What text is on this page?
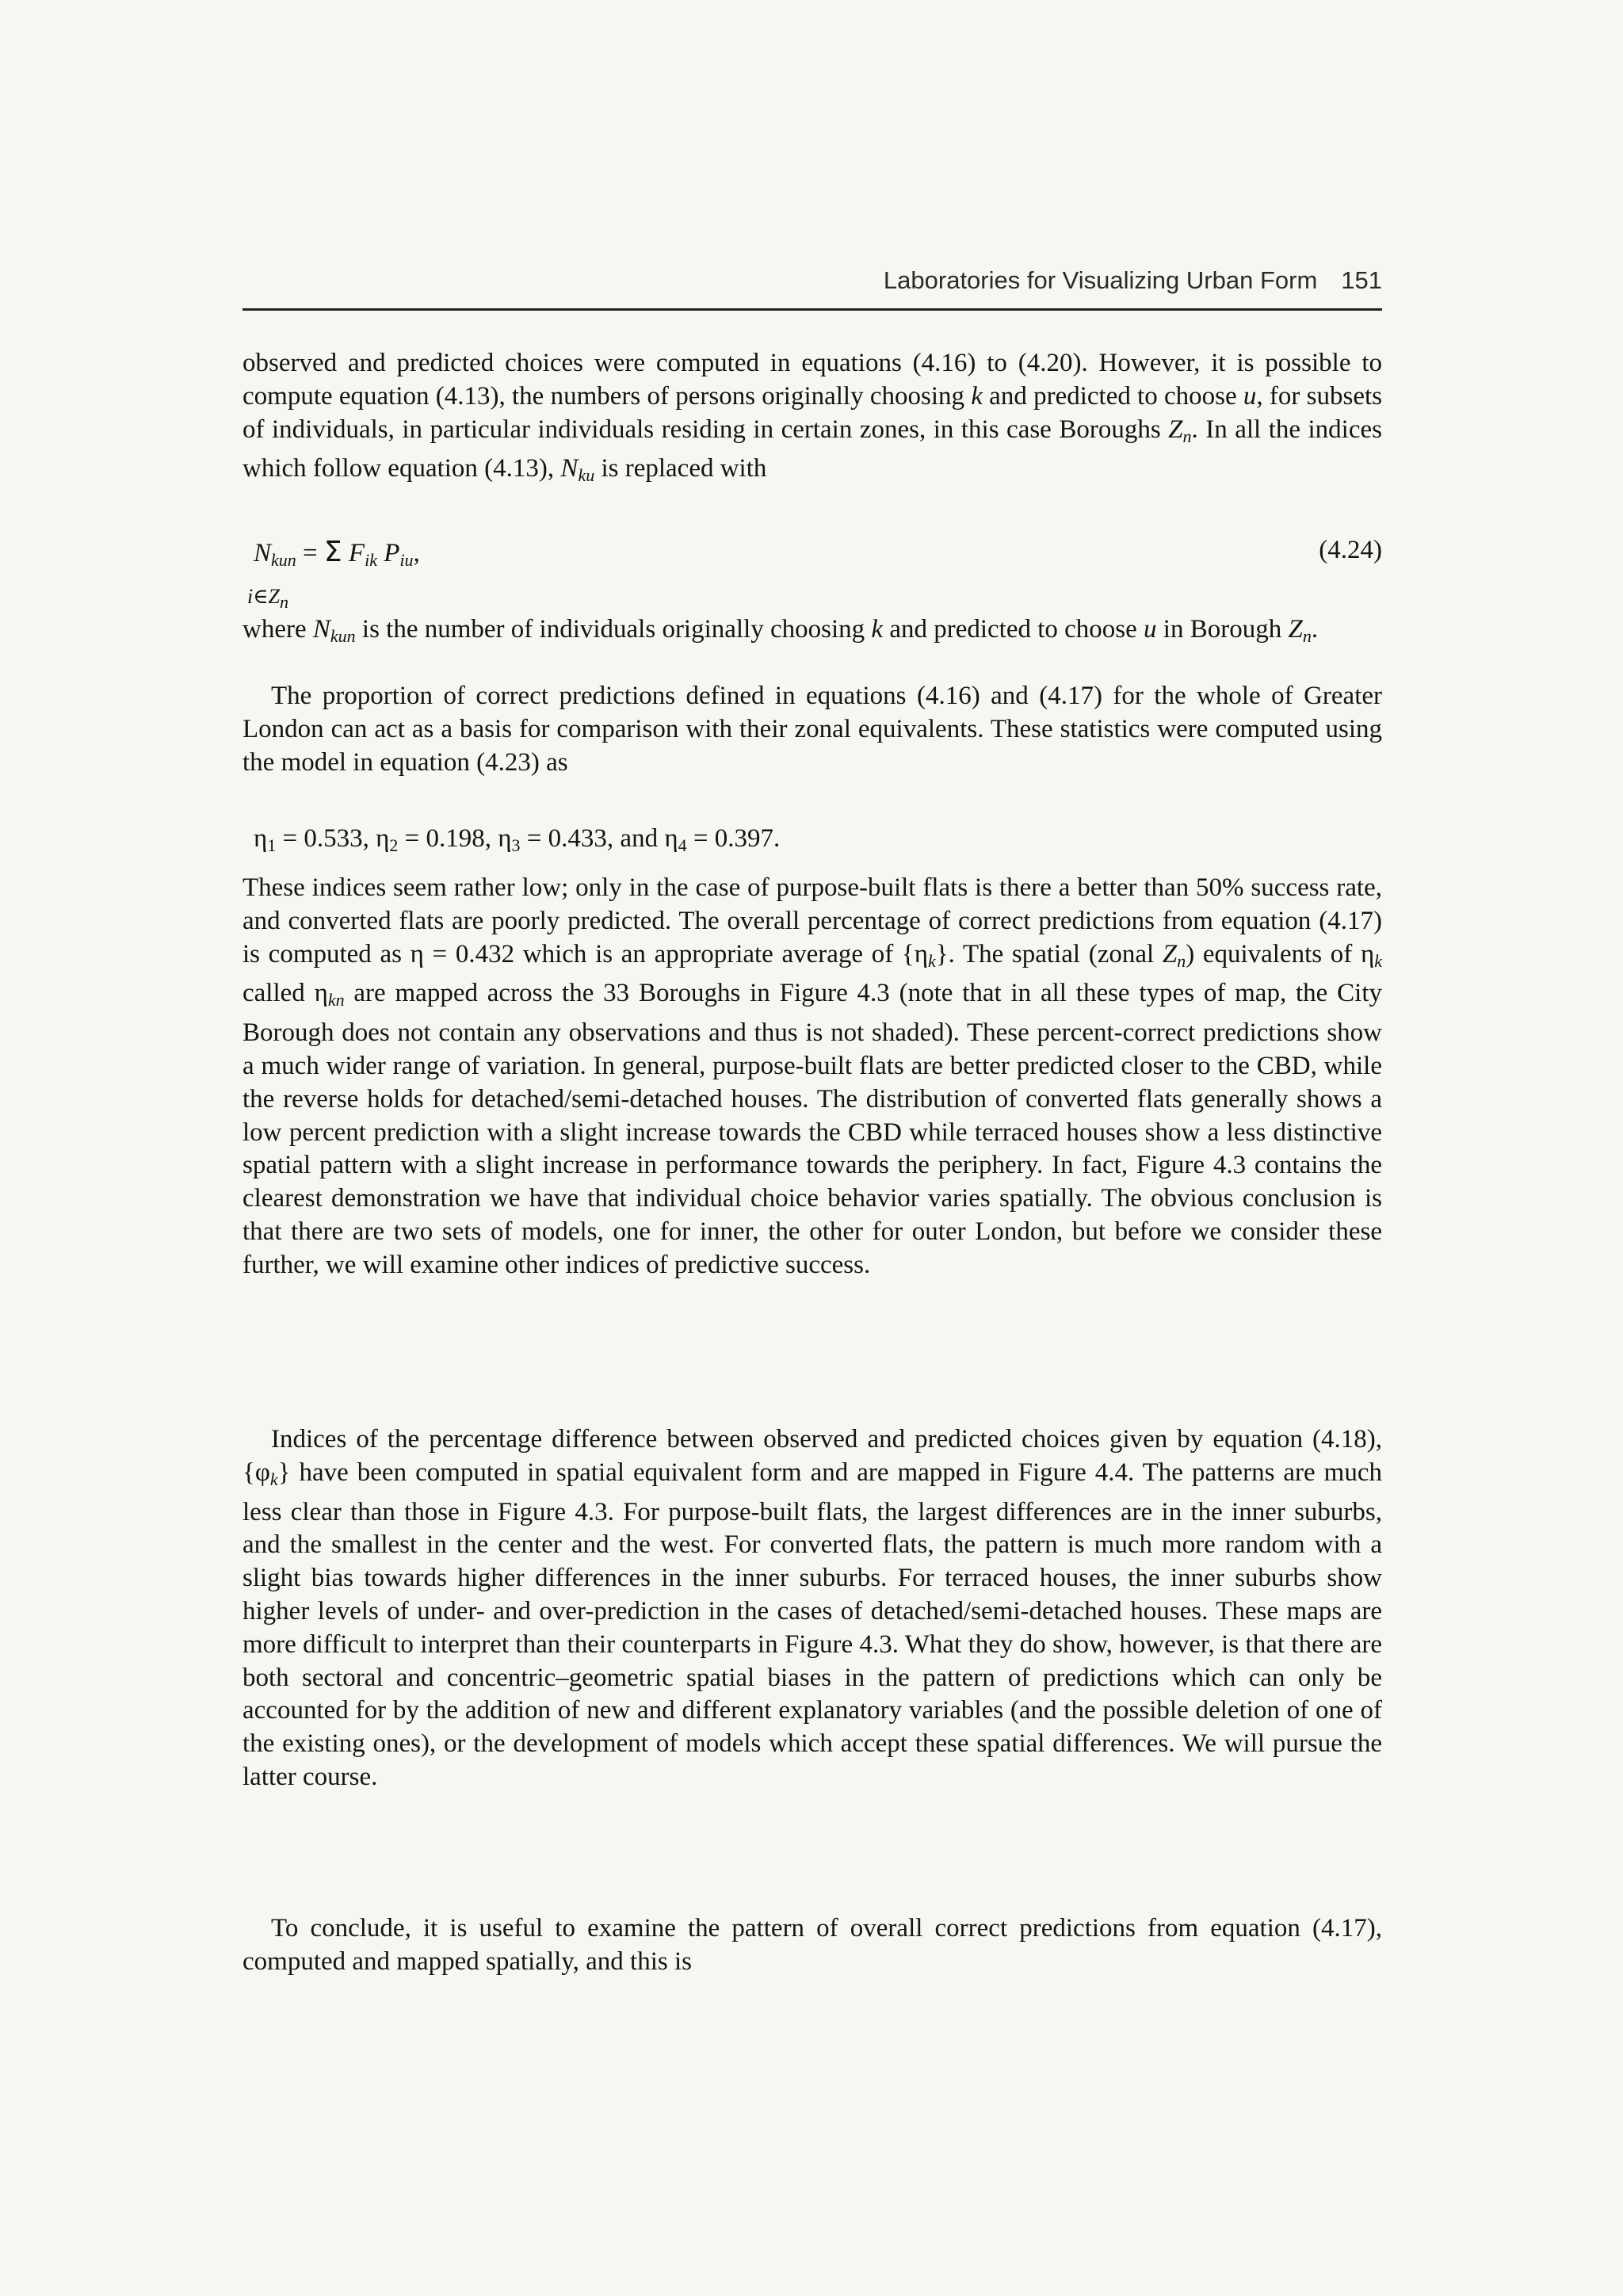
Laboratories for Visualizing Urban Form 151
observed and predicted choices were computed in equations (4.16) to (4.20). However, it is possible to compute equation (4.13), the numbers of persons originally choosing k and predicted to choose u, for subsets of individuals, in particular individuals residing in certain zones, in this case Boroughs $Z_n$. In all the indices which follow equation (4.13), $N_{ku}$ is replaced with
$N_{kun} = \Sigma$ $F_{ik}$ $P_{iu}$,
$i\in Z_n$
(4.24)
where $N_{kun}$ is the number of individuals originally choosing k and predicted to choose u in Borough $Z_n$.
The proportion of correct predictions defined in equations (4.16) and (4.17) for the whole of Greater London can act as a basis for comparison with their zonal equivalents. These statistics were computed using the model in equation (4.23) as
$\eta_1 = 0.533$, $\eta_2 = 0.198$, $\eta_3 = 0.433$, and $\eta_4 = 0.397$.
These indices seem rather low; only in the case of purpose-built flats is there a better than 50% success rate, and converted flats are poorly predicted. The overall percentage of correct predictions from equation (4.17) is computed as η = 0.432 which is an appropriate average of $\{\eta_k\}$. The spatial (zonal $Z_n$) equivalents of $\eta_k$ called $\eta_{kn}$ are mapped across the 33 Boroughs in Figure 4.3 (note that in all these types of map, the City Borough does not contain any observations and thus is not shaded). These percent-correct predictions show a much wider range of variation. In general, purpose-built flats are better predicted closer to the CBD, while the reverse holds for detached/semi-detached houses. The distribution of converted flats generally shows a low percent prediction with a slight increase towards the CBD while terraced houses show a less distinctive spatial pattern with a slight increase in performance towards the periphery. In fact, Figure 4.3 contains the clearest demonstration we have that individual choice behavior varies spatially. The obvious conclusion is that there are two sets of models, one for inner, the other for outer London, but before we consider these further, we will examine other indices of predictive success.
Indices of the percentage difference between observed and predicted choices given by equation (4.18), $\{\varphi_k\}$ have been computed in spatial equivalent form and are mapped in Figure 4.4. The patterns are much less clear than those in Figure 4.3. For purpose-built flats, the largest differences are in the inner suburbs, and the smallest in the center and the west. For converted flats, the pattern is much more random with a slight bias towards higher differences in the inner suburbs. For terraced houses, the inner suburbs show higher levels of under- and over-prediction in the cases of detached/semi-detached houses. These maps are more difficult to interpret than their counterparts in Figure 4.3. What they do show, however, is that there are both sectoral and concentric–geometric spatial biases in the pattern of predictions which can only be accounted for by the addition of new and different explanatory variables (and the possible deletion of one of the existing ones), or the development of models which accept these spatial differences. We will pursue the latter course.
To conclude, it is useful to examine the pattern of overall correct predictions from equation (4.17), computed and mapped spatially, and this is
